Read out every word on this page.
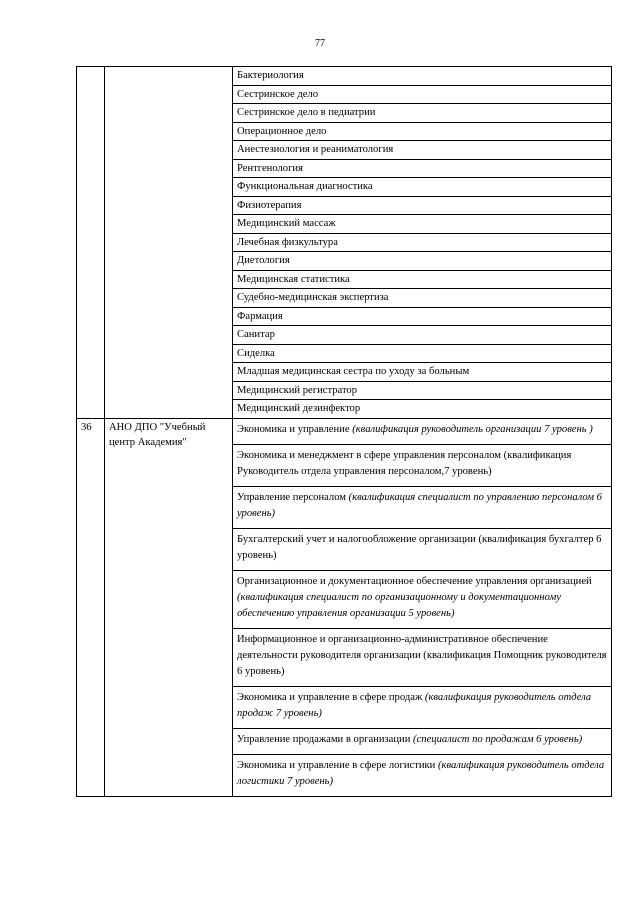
77
		Бактериология
		Сестринское дело
		Сестринское дело в педиатрии
		Операционное дело
		Анестезиология и реаниматология
		Рентгенология
		Функциональная диагностика
		Физиотерапия
		Медицинский массаж
		Лечебная физкультура
		Диетология
		Медицинская статистика
		Судебно-медицинская экспертиза
		Фармация
		Санитар
		Сиделка
		Младшая медицинская сестра по уходу за больным
		Медицинский регистратор
		Медицинский дезинфектор
36	АНО ДПО "Учебный центр Академия"	Экономика и управление (квалификация руководитель организации 7 уровень )
		Экономика и менеджмент в сфере управления персоналом (квалификация Руководитель отдела управления персоналом,7 уровень)
		Управление персоналом (квалификация специалист по управлению персоналом 6 уровень)
		Бухгалтерский учет и налогообложение организации (квалификация бухгалтер 6 уровень)
		Организационное и документационное обеспечение управления организацией (квалификация специалист по организационному и документационному обеспечению управления организации 5 уровень)
		Информационное и организационно-административное обеспечение деятельности руководителя организации (квалификация Помощник руководителя 6 уровень)
		Экономика и управление в сфере продаж (квалификация руководитель отдела продаж 7 уровень)
		Управление продажами в организации (специалист по продажам 6 уровень)
		Экономика и управление в сфере логистики (квалификация руководитель отдела логистики 7 уровень)
